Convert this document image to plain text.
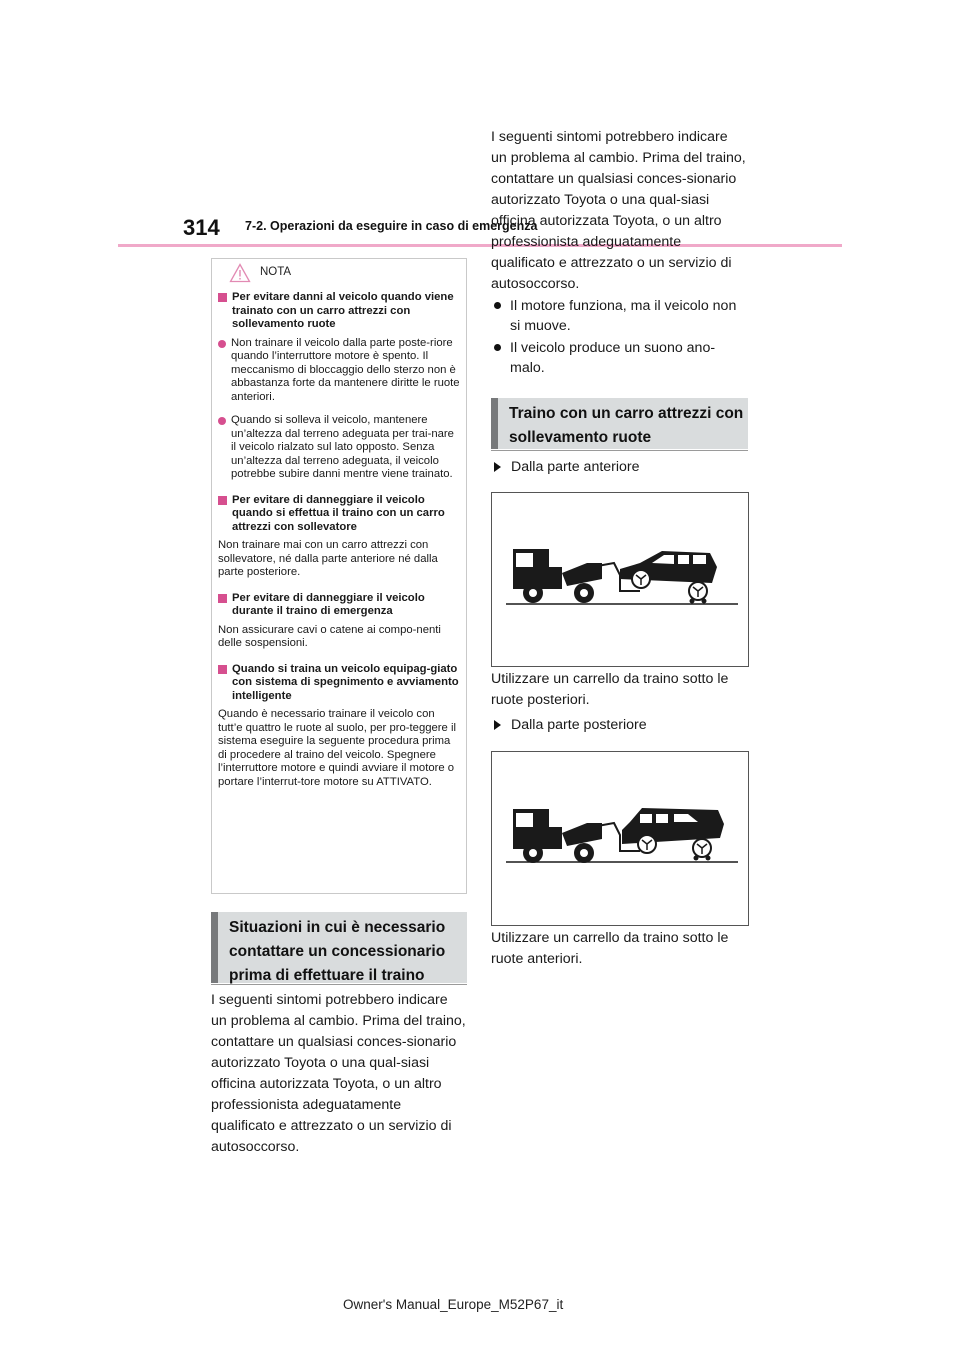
314 7-2. Operazioni da eseguire in caso di emergenza
NOTA
Per evitare danni al veicolo quando viene trainato con un carro attrezzi con sollevamento ruote
Non trainare il veicolo dalla parte poste-riore quando l’interruttore motore è spento. Il meccanismo di bloccaggio dello sterzo non è abbastanza forte da mantenere diritte le ruote anteriori.
Quando si solleva il veicolo, mantenere un’altezza dal terreno adeguata per trai-nare il veicolo rialzato sul lato opposto. Senza un’altezza dal terreno adeguata, il veicolo potrebbe subire danni mentre viene trainato.
Per evitare di danneggiare il veicolo quando si effettua il traino con un carro attrezzi con sollevatore
Non trainare mai con un carro attrezzi con sollevatore, né dalla parte anteriore né dalla parte posteriore.
Per evitare di danneggiare il veicolo durante il traino di emergenza
Non assicurare cavi o catene ai compo-nenti delle sospensioni.
Quando si traina un veicolo equipag-giato con sistema di spegnimento e avviamento intelligente
Quando è necessario trainare il veicolo con tutt’e quattro le ruote al suolo, per pro-teggere il sistema eseguire la seguente procedura prima di procedere al traino del veicolo. Spegnere l’interruttore motore e quindi avviare il motore o portare l’interrut-tore motore su ATTIVATO.
Situazioni in cui è necessario contattare un concessionario prima di effettuare il traino
I seguenti sintomi potrebbero indicare un problema al cambio. Prima del traino, contattare un qualsiasi conces-sionario autorizzato Toyota o una qual-siasi officina autorizzata Toyota, o un altro professionista adeguatamente qualificato e attrezzato o un servizio di autosoccorso.
I seguenti sintomi potrebbero indicare un problema al cambio. Prima del traino, contattare un qualsiasi conces-sionario autorizzato Toyota o una qual-siasi officina autorizzata Toyota, o un altro professionista adeguatamente qualificato e attrezzato o un servizio di autosoccorso.
Il motore funziona, ma il veicolo non si muove.
Il veicolo produce un suono ano-malo.
Traino con un carro attrezzi con sollevamento ruote
Dalla parte anteriore
Utilizzare un carrello da traino sotto le ruote posteriori.
Dalla parte posteriore
Utilizzare un carrello da traino sotto le ruote anteriori.
Owner's Manual_Europe_M52P67_it
